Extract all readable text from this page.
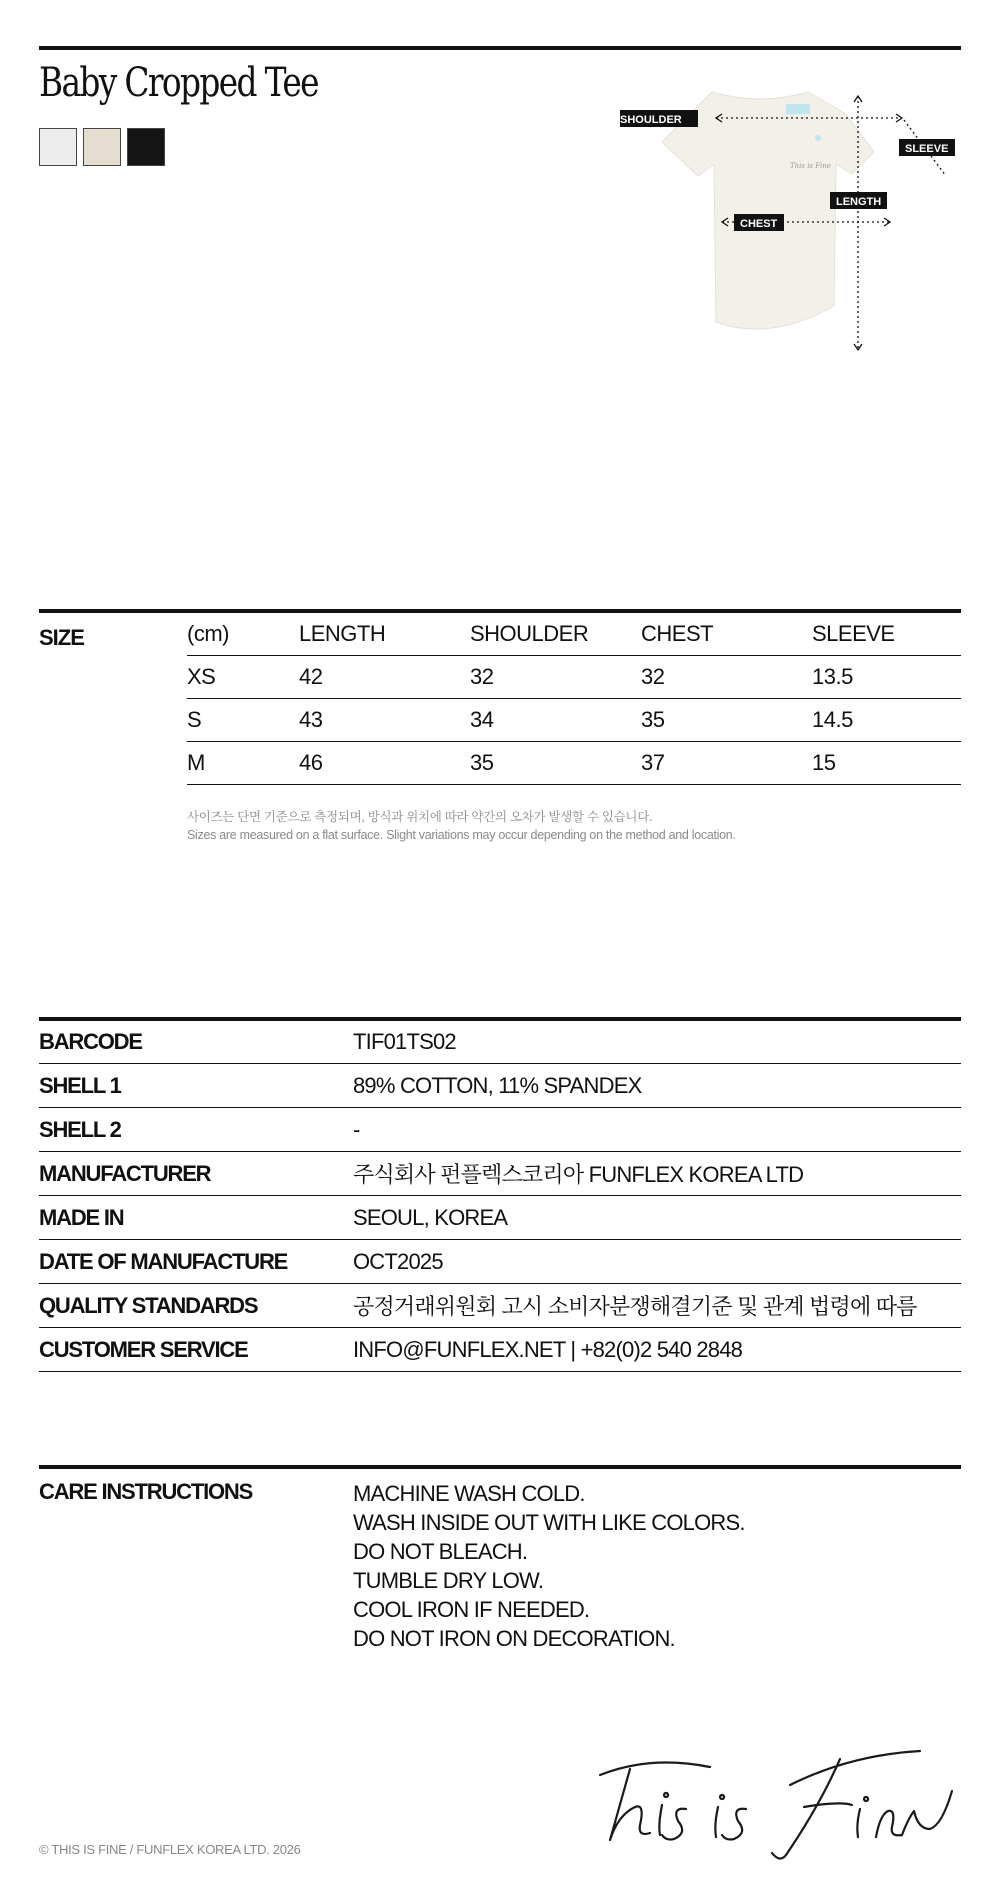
Baby Cropped Tee
This is Fine
SHOULDER
SLEEVE
LENGTH
CHEST
SIZE	(cm)	LENGTH	SHOULDER	CHEST	SLEEVE
XS	42	32	32	13.5
S	43	34	35	14.5
M	46	35	37	15
사이즈는 단면 기준으로 측정되며, 방식과 위치에 따라 약간의 오차가 발생할 수 있습니다.
Sizes are measured on a flat surface. Slight variations may occur depending on the method and location.
BARCODE	TIF01TS02
SHELL 1	89% COTTON, 11% SPANDEX
SHELL 2	-
MANUFACTURER	주식회사 펀플렉스코리아 FUNFLEX KOREA LTD
MADE IN	SEOUL, KOREA
DATE OF MANUFACTURE	OCT2025
QUALITY STANDARDS	공정거래위원회 고시 소비자분쟁해결기준 및 관계 법령에 따름
CUSTOMER SERVICE	INFO@FUNFLEX.NET | +82(0)2 540 2848
CARE INSTRUCTIONS	MACHINE WASH COLD.
WASH INSIDE OUT WITH LIKE COLORS.
DO NOT BLEACH.
TUMBLE DRY LOW.
COOL IRON IF NEEDED.
DO NOT IRON ON DECORATION.
© THIS IS FINE / FUNFLEX KOREA LTD. 2026
